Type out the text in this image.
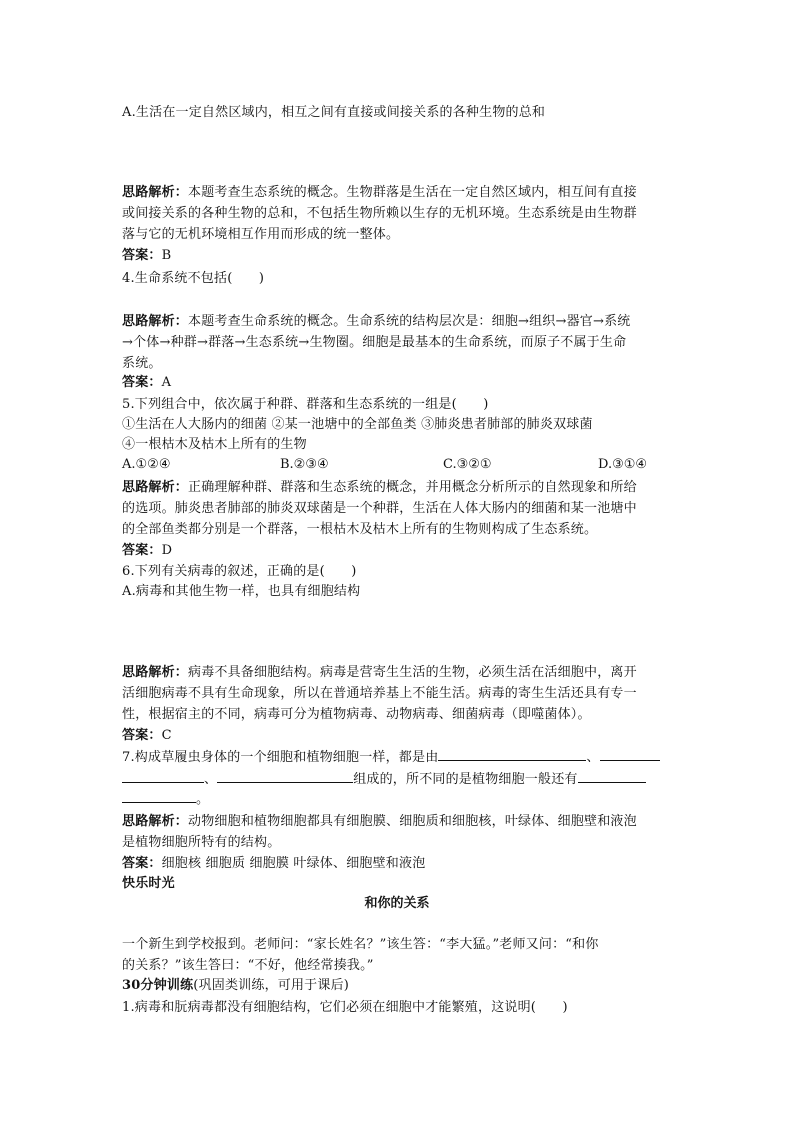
A.生活在一定自然区域内，相互之间有直接或间接关系的各种生物的总和
思路解析：本题考查生态系统的概念。生物群落是生活在一定自然区域内，相互间有直接
或间接关系的各种生物的总和，不包括生物所赖以生存的无机环境。生态系统是由生物群
落与它的无机环境相互作用而形成的统一整体。
答案：B
4.生命系统不包括(　　)
思路解析：本题考查生命系统的概念。生命系统的结构层次是：细胞→组织→器官→系统
→个体→种群→群落→生态系统→生物圈。细胞是最基本的生命系统，而原子不属于生命
系统。
答案：A
5.下列组合中，依次属于种群、群落和生态系统的一组是(　　)
①生活在人大肠内的细菌 ②某一池塘中的全部鱼类 ③肺炎患者肺部的肺炎双球菌
④一根枯木及枯木上所有的生物
A.①②④	B.②③④	C.③②①	D.③①④
思路解析：正确理解种群、群落和生态系统的概念，并用概念分析所示的自然现象和所给
的选项。肺炎患者肺部的肺炎双球菌是一个种群，生活在人体大肠内的细菌和某一池塘中
的全部鱼类都分别是一个群落，一根枯木及枯木上所有的生物则构成了生态系统。
答案：D
6.下列有关病毒的叙述，正确的是(　　)
A.病毒和其他生物一样，也具有细胞结构
思路解析：病毒不具备细胞结构。病毒是营寄生生活的生物，必须生活在活细胞中，离开
活细胞病毒不具有生命现象，所以在普通培养基上不能生活。病毒的寄生生活还具有专一
性，根据宿主的不同，病毒可分为植物病毒、动物病毒、细菌病毒（即噬菌体）。
答案：C
7.构成草履虫身体的一个细胞和植物细胞一样，都是由	、
、	组成的，所不同的是植物细胞一般还有
。
思路解析：动物细胞和植物细胞都具有细胞膜、细胞质和细胞核，叶绿体、细胞壁和液泡
是植物细胞所特有的结构。
答案：细胞核 细胞质 细胞膜 叶绿体、细胞壁和液泡
快乐时光
和你的关系
一个新生到学校报到。老师问：“家长姓名？”该生答：“李大猛。”老师又问：“和你
的关系？”该生答曰：“不好，他经常揍我。”
30分钟训练(巩固类训练，可用于课后)
1.病毒和朊病毒都没有细胞结构，它们必须在细胞中才能繁殖，这说明(　　)
